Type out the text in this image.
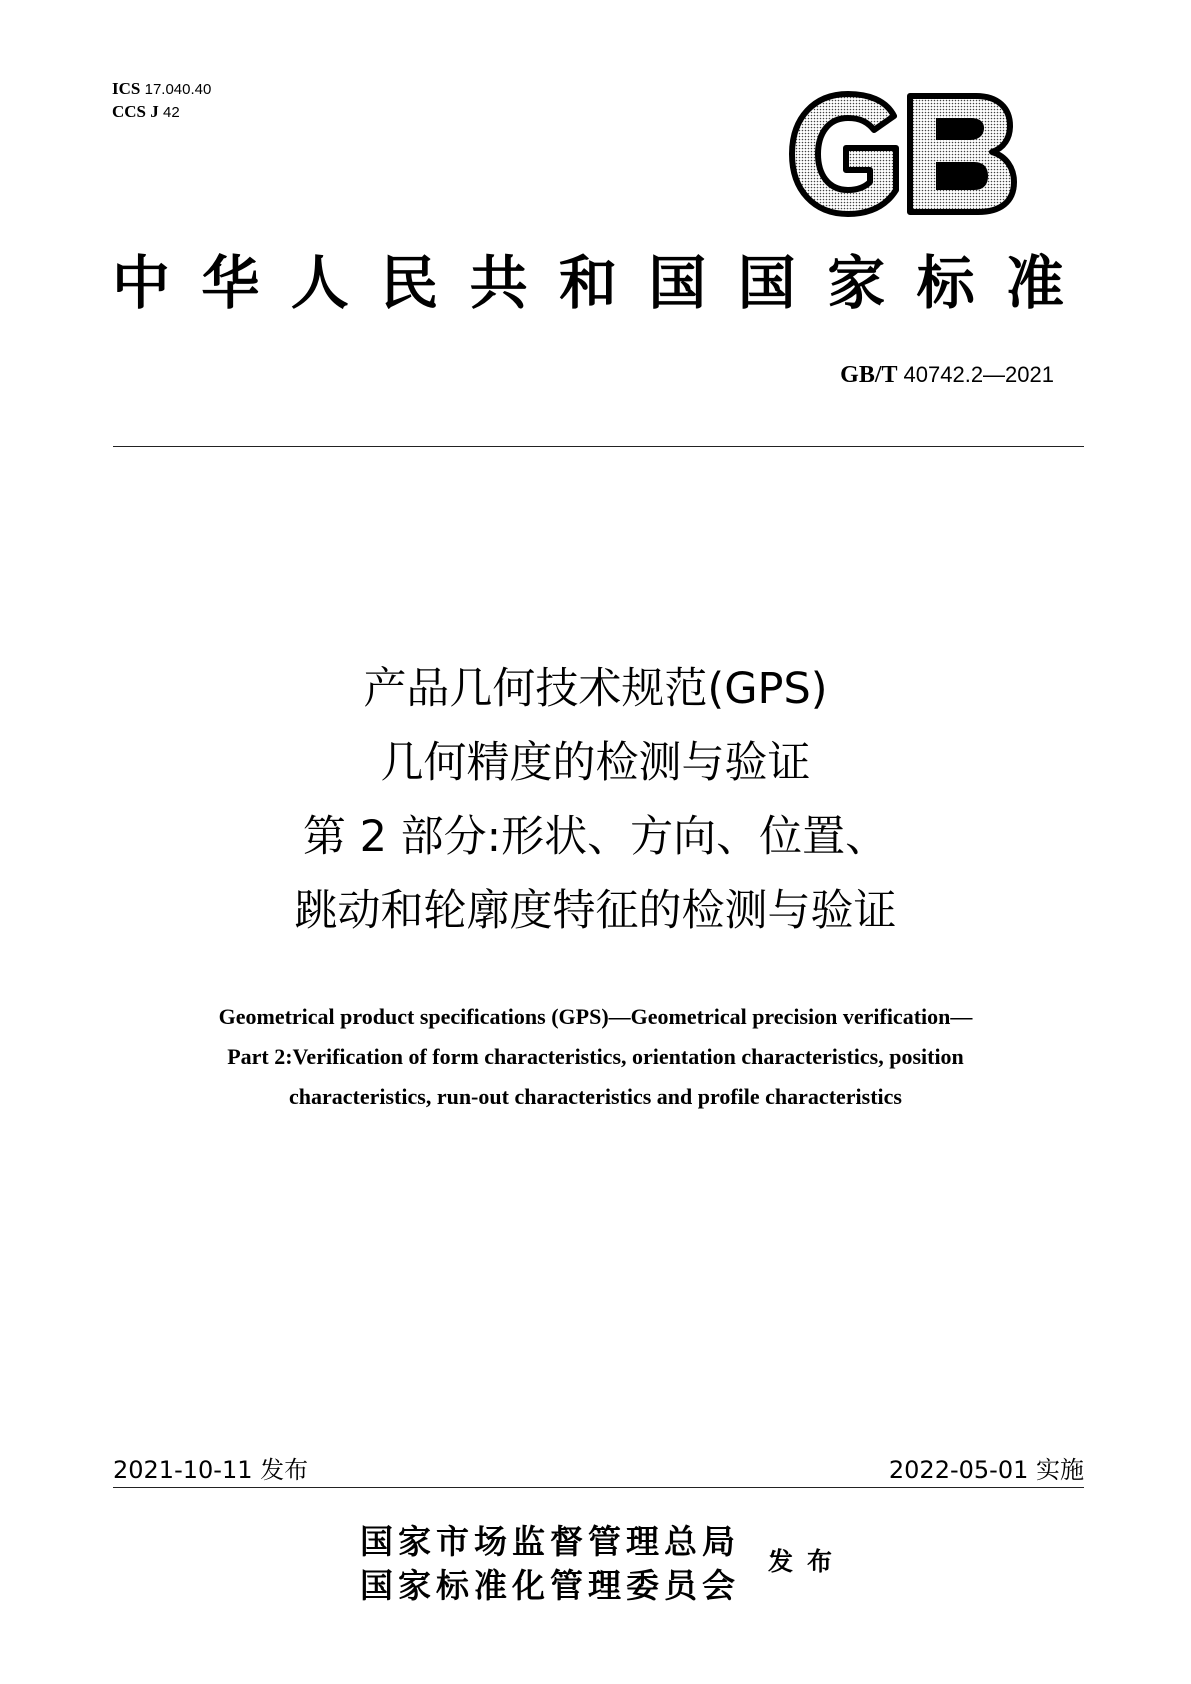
ICS 17.040.40
CCS J 42
中华人民共和国国家标准
GB/T 40742.2—2021
产品几何技术规范(GPS)
几何精度的检测与验证
第 2 部分:形状、方向、位置、
跳动和轮廓度特征的检测与验证
Geometrical product specifications (GPS)—Geometrical precision verification—
Part 2:Verification of form characteristics, orientation characteristics, position
characteristics, run-out characteristics and profile characteristics
2021-10-11 发布	2022-05-01 实施
国家市场监督管理总局
国家标准化管理委员会
发布
